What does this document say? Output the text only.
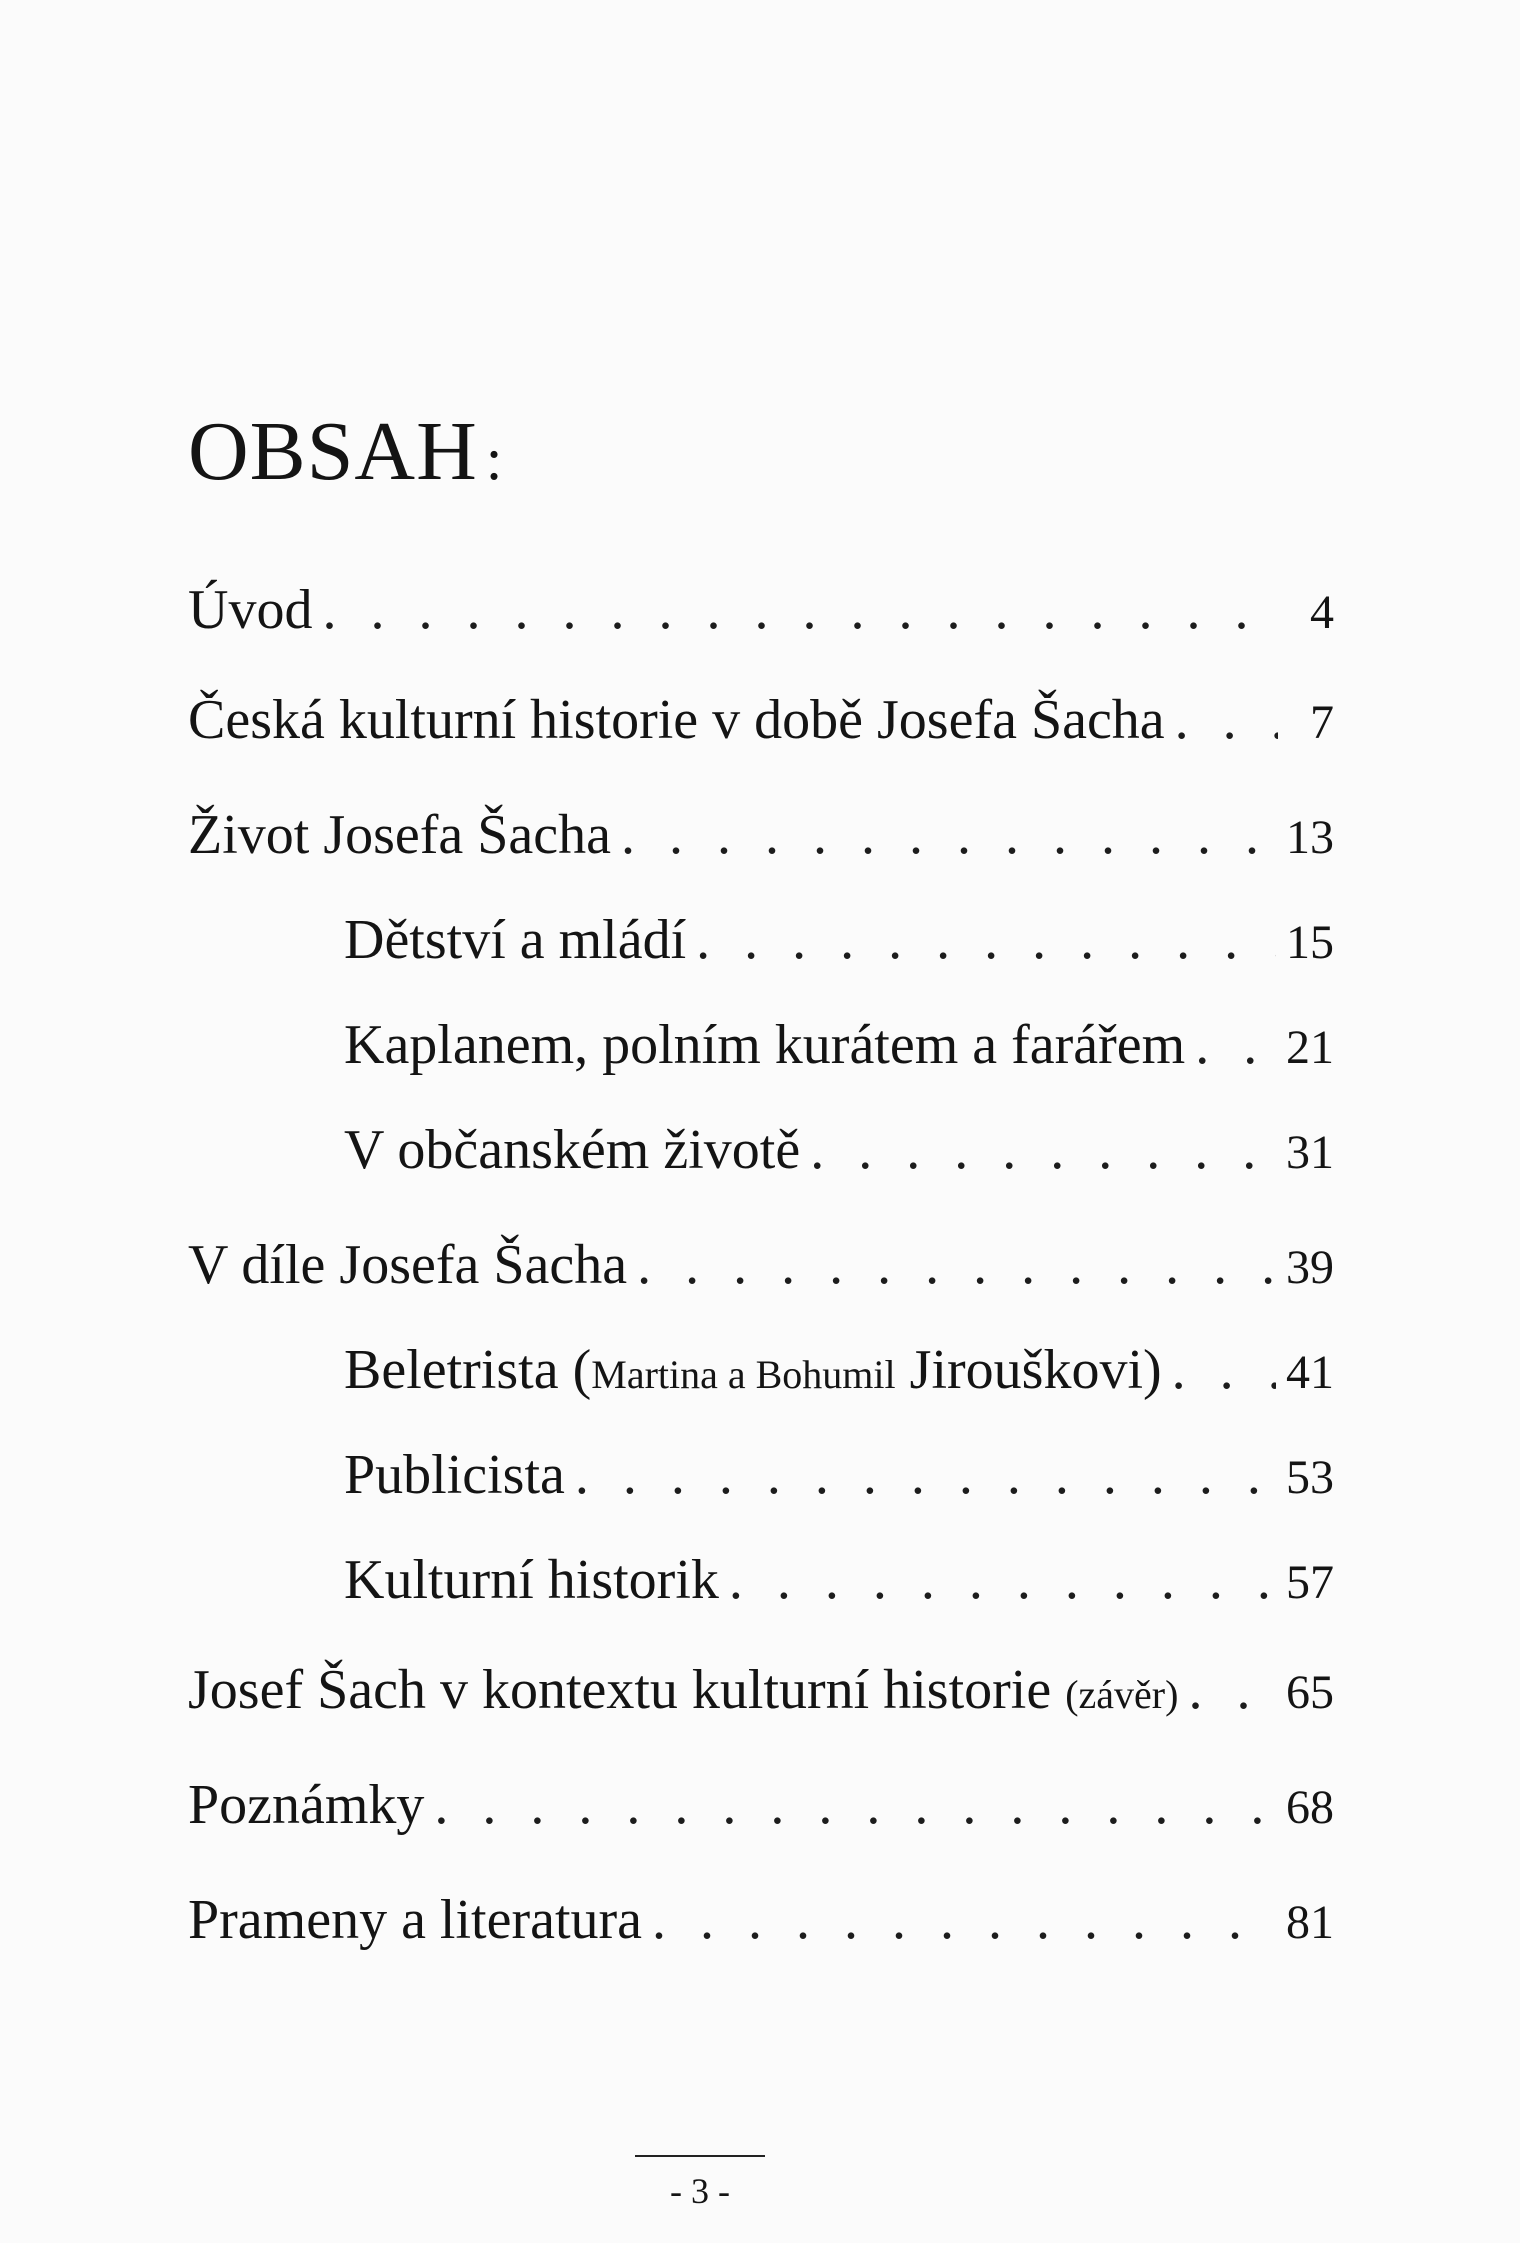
OBSAH :
Úvod . . .	4
Česká kulturní historie v době Josefa Šacha . . .	7
Život Josefa Šacha . . .	13
Dětství a mládí . . .	15
Kaplanem, polním kurátem a farářem . . . 21
V občanském životě . . .	31
V díle Josefa Šacha . . .	39
Beletrista (Martina a Bohumil Jirouškovi) . . .	41
Publicista . . .	53
Kulturní historik . . .	57
Josef Šach v kontextu kulturní historie (závěr) . . . 65
Poznámky . . .	68
Prameny a literatura . . .	81
- 3 -
